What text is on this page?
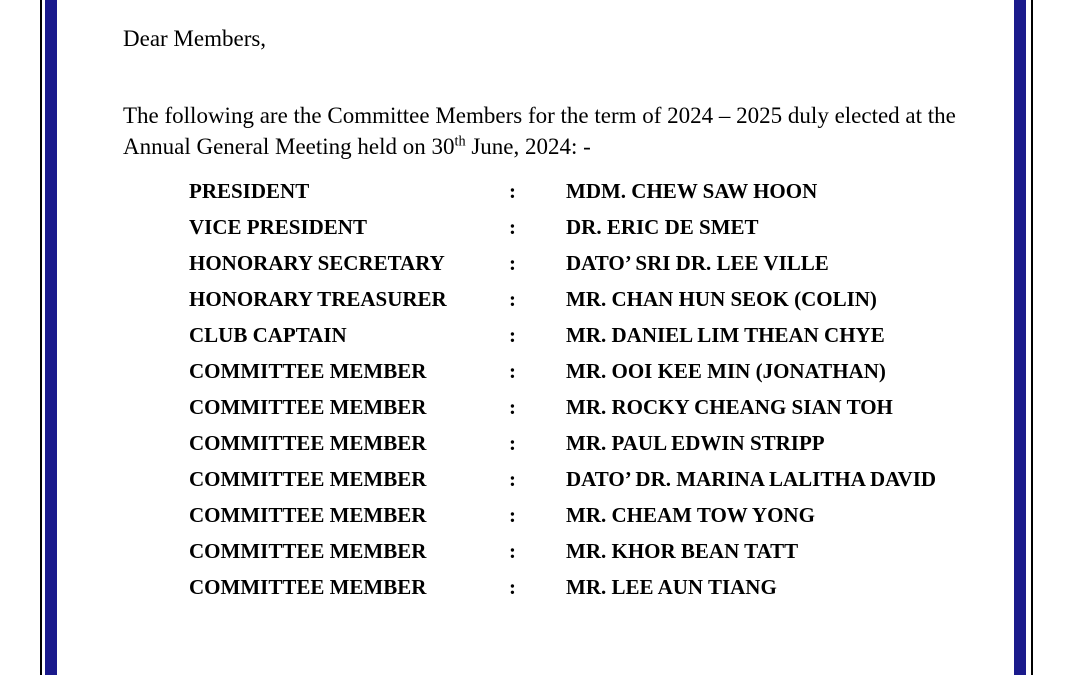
Dear Members,

The following are the Committee Members for the term of 2024 – 2025 duly elected at the Annual General Meeting held on 30th June, 2024: -

PRESIDENT	:	MDM. CHEW SAW HOON
VICE PRESIDENT	:	DR. ERIC DE SMET
HONORARY SECRETARY	:	DATO’ SRI DR. LEE VILLE
HONORARY TREASURER	:	MR. CHAN HUN SEOK (COLIN)
CLUB CAPTAIN	:	MR. DANIEL LIM THEAN CHYE
COMMITTEE MEMBER	:	MR. OOI KEE MIN (JONATHAN)
COMMITTEE MEMBER	:	MR. ROCKY CHEANG SIAN TOH
COMMITTEE MEMBER	:	MR. PAUL EDWIN STRIPP
COMMITTEE MEMBER	:	DATO’ DR. MARINA LALITHA DAVID
COMMITTEE MEMBER	:	MR. CHEAM TOW YONG
COMMITTEE MEMBER	:	MR. KHOR BEAN TATT
COMMITTEE MEMBER	:	MR. LEE AUN TIANG
